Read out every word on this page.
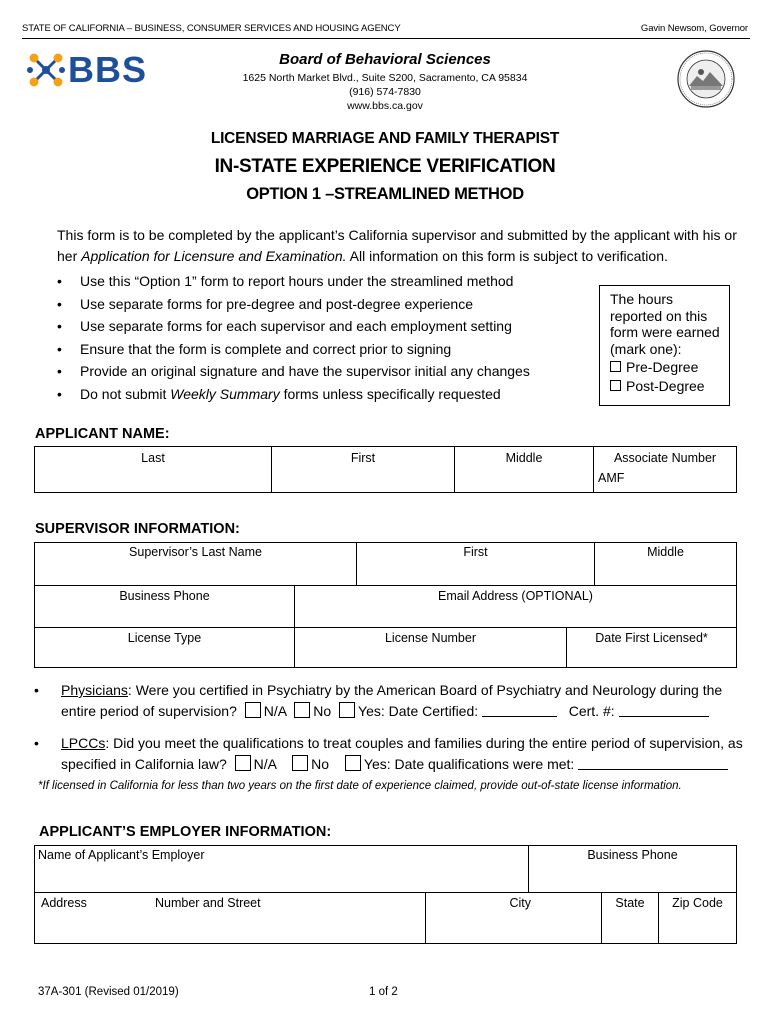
STATE OF CALIFORNIA – BUSINESS, CONSUMER SERVICES AND HOUSING AGENCY	Gavin Newsom, Governor
BBS	Board of Behavioral Sciences
1625 North Market Blvd., Suite S200, Sacramento, CA 95834
(916) 574-7830
www.bbs.ca.gov
LICENSED MARRIAGE AND FAMILY THERAPIST
IN-STATE EXPERIENCE VERIFICATION
OPTION 1 –STREAMLINED METHOD
This form is to be completed by the applicant’s California supervisor and submitted by the applicant with his or her Application for Licensure and Examination. All information on this form is subject to verification.
• Use this “Option 1” form to report hours under the streamlined method
• Use separate forms for pre-degree and post-degree experience
• Use separate forms for each supervisor and each employment setting
• Ensure that the form is complete and correct prior to signing
• Provide an original signature and have the supervisor initial any changes
• Do not submit Weekly Summary forms unless specifically requested
The hours reported on this form were earned (mark one):
Pre-Degree
Post-Degree
APPLICANT NAME:
Last	First	Middle	Associate Number
AMF
SUPERVISOR INFORMATION:
Supervisor’s Last Name	First	Middle
Business Phone	Email Address (OPTIONAL)
License Type	License Number	Date First Licensed*
• Physicians: Were you certified in Psychiatry by the American Board of Psychiatry and Neurology during the
entire period of supervision? N/A No Yes: Date Certified:	Cert. #:
• LPCCs: Did you meet the qualifications to treat couples and families during the entire period of supervision, as
specified in California law? N/A No Yes: Date qualifications were met:
*If licensed in California for less than two years on the first date of experience claimed, provide out-of-state license information.
APPLICANT’S EMPLOYER INFORMATION:
Name of Applicant’s Employer	Business Phone
Address	Number and Street	City	State	Zip Code
37A-301 (Revised 01/2019)	1 of 2
